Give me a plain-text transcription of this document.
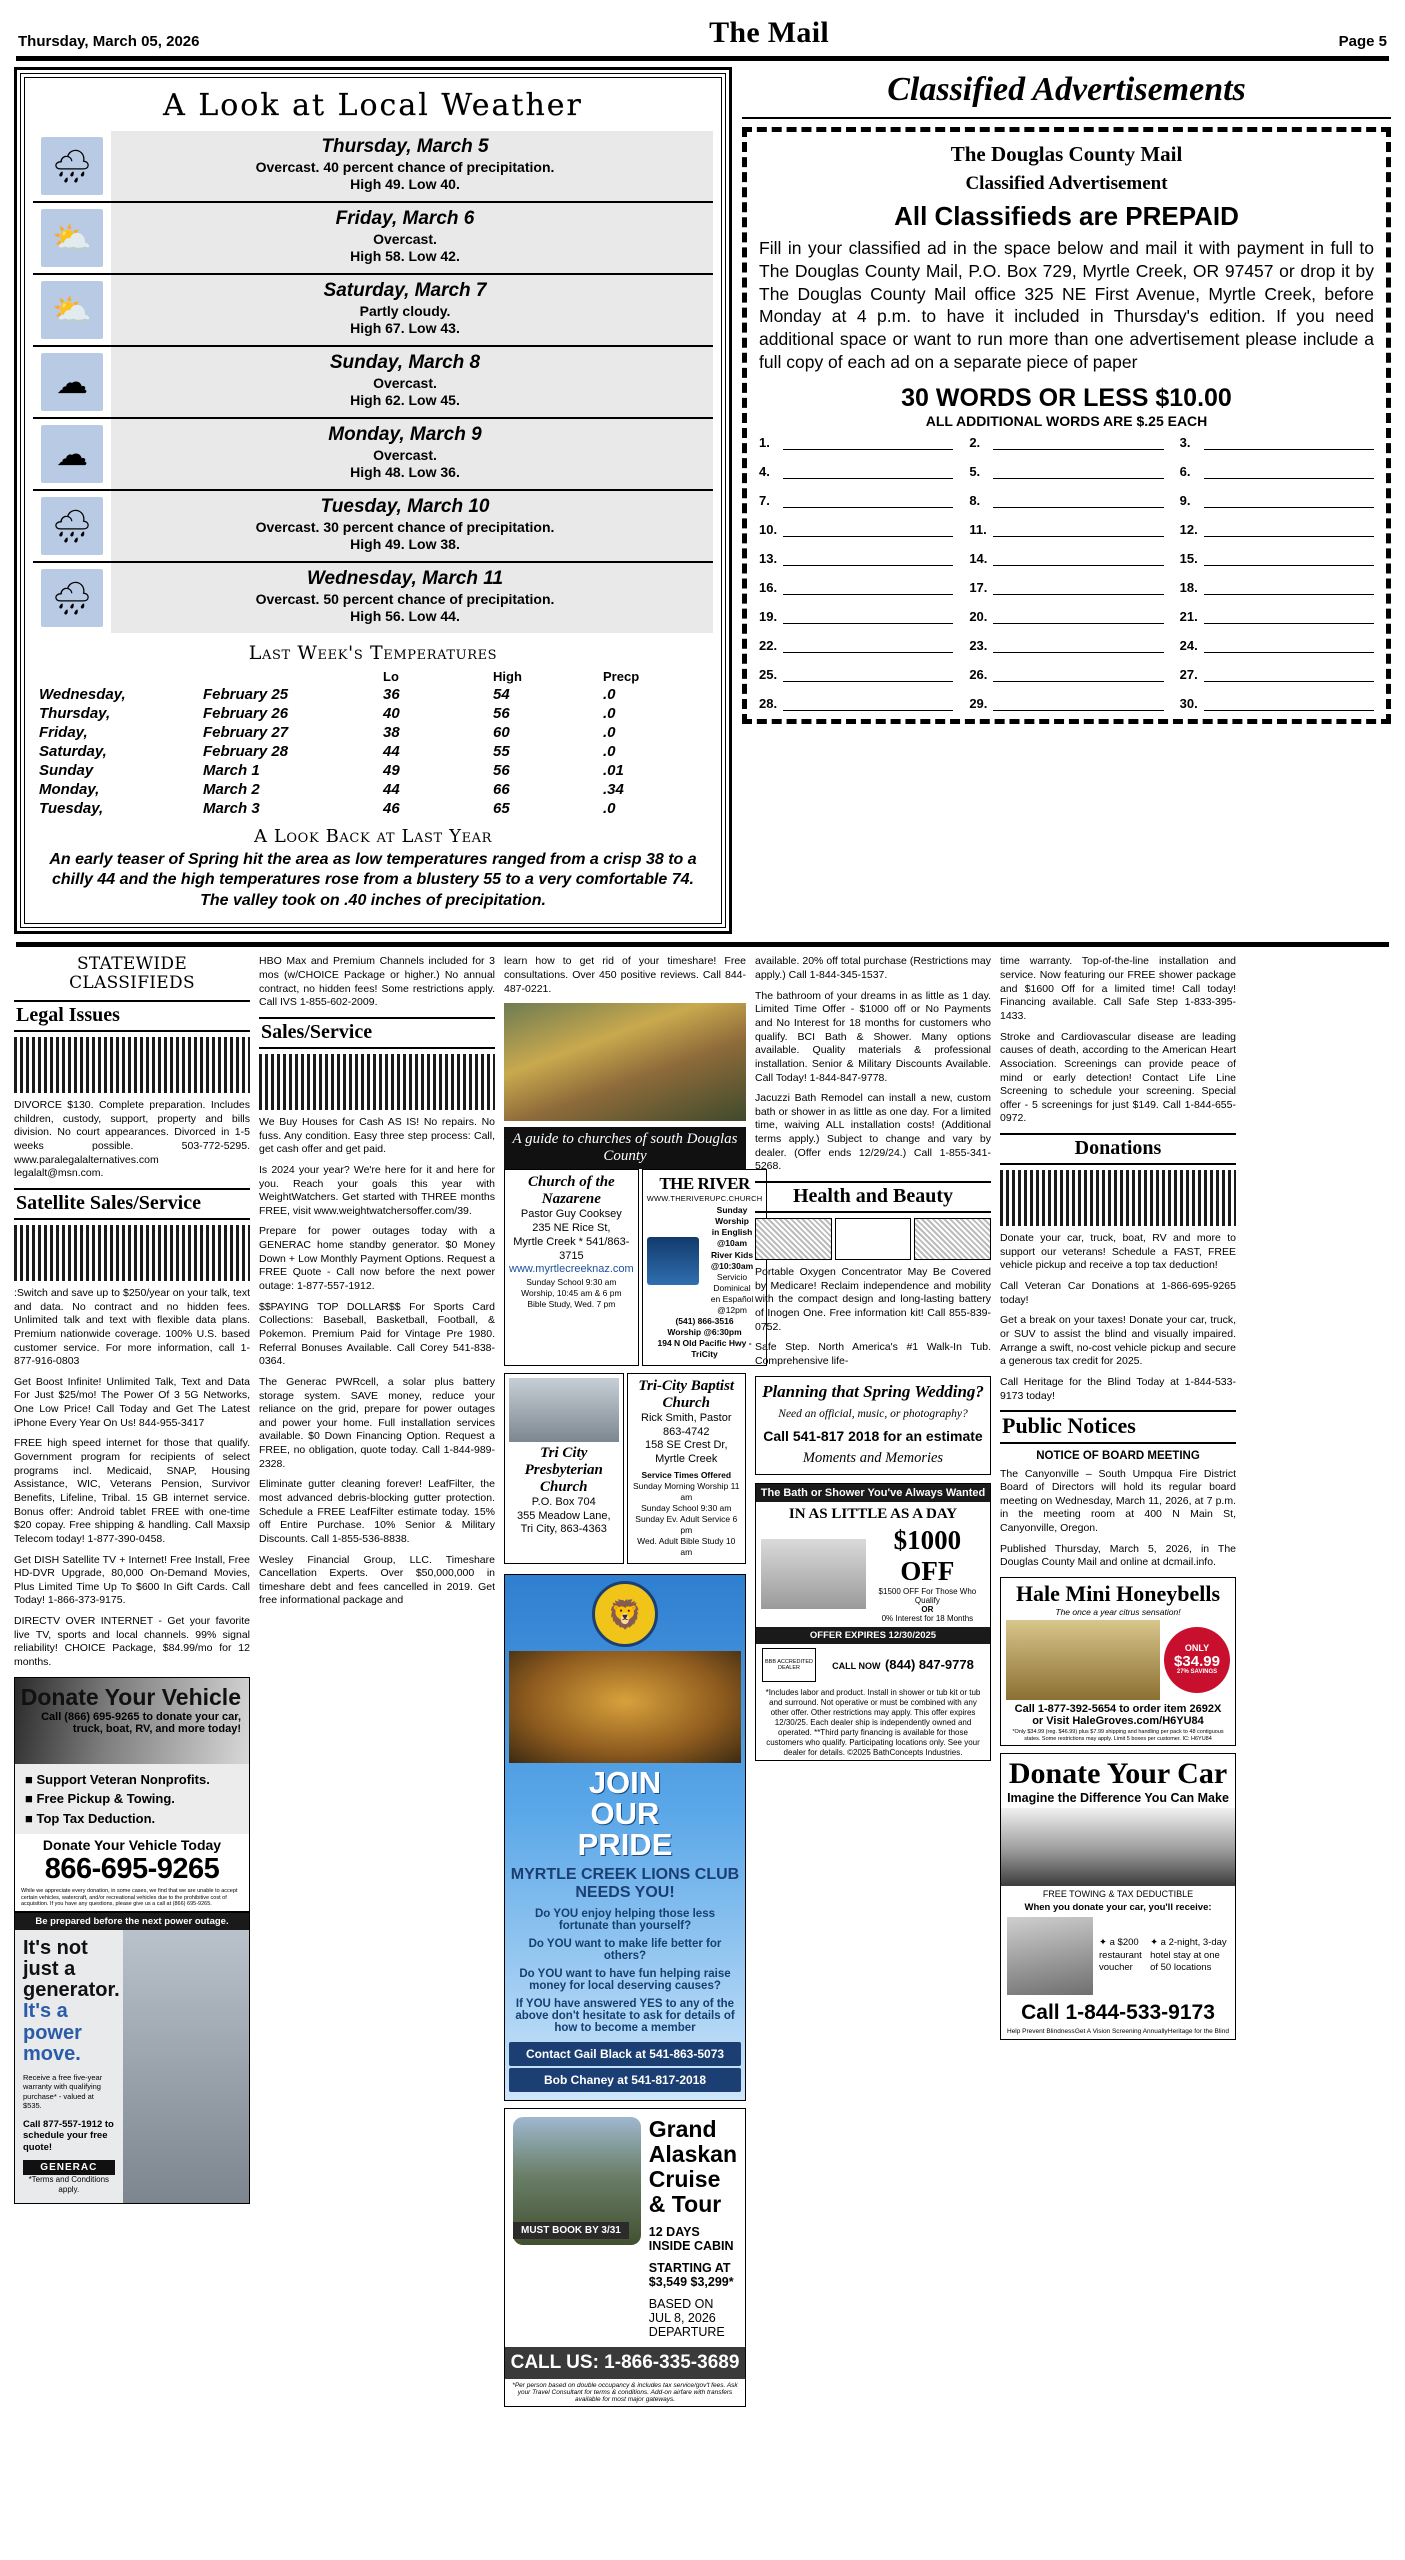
Thursday, March 05, 2026	The Mail	Page 5
A Look at Local Weather
🌧
Thursday, March 5
Overcast. 40 percent chance of precipitation.
High 49. Low 40.
⛅
Friday, March 6
Overcast.
High 58. Low 42.
⛅
Saturday, March 7
Partly cloudy.
High 67. Low 43.
☁
Sunday, March 8
Overcast.
High 62. Low 45.
☁
Monday, March 9
Overcast.
High 48. Low 36.
🌧
Tuesday, March 10
Overcast. 30 percent chance of precipitation.
High 49. Low 38.
🌧
Wednesday, March 11
Overcast. 50 percent chance of precipitation.
High 56. Low 44.
Last Week's Temperatures
		Lo	High	Precp
Wednesday,	February 25	36	54	.0
Thursday,	February 26	40	56	.0
Friday,	February 27	38	60	.0
Saturday,	February 28	44	55	.0
Sunday	March 1	49	56	.01
Monday,	March 2	44	66	.34
Tuesday,	March 3	46	65	.0
A Look Back at Last Year
An early teaser of Spring hit the area as low temperatures ranged from a crisp 38 to a chilly 44 and the high temperatures rose from a blustery 55 to a very comfortable 74. The valley took on .40 inches of precipitation.
Classified Advertisements
The Douglas County Mail
Classified Advertisement
All Classifieds are PREPAID
Fill in your classified ad in the space below and mail it with payment in full to The Douglas County Mail, P.O. Box 729, Myrtle Creek, OR 97457 or drop it by The Douglas County Mail office 325 NE First Avenue, Myrtle Creek, before Monday at 4 p.m. to have it included in Thursday's edition. If you need additional space or want to run more than one advertisement please include a full copy of each ad on a separate piece of paper
30 WORDS OR LESS $10.00
ALL ADDITIONAL WORDS ARE $.25 EACH
1.	2.	3.
4.	5.	6.
7.	8.	9.
10.	11.	12.
13.	14.	15.
16.	17.	18.
19.	20.	21.
22.	23.	24.
25.	26.	27.
28.	29.	30.
STATEWIDE
CLASSIFIEDS
Legal Issues
DIVORCE $130. Complete preparation. Includes children, custody, support, property and bills division. No court appearances. Divorced in 1-5 weeks possible. 503-772-5295. www.paralegalalternatives.com legalalt@msn.com.
Satellite Sales/Service
:Switch and save up to $250/year on your talk, text and data. No contract and no hidden fees. Unlimited talk and text with flexible data plans. Premium nationwide coverage. 100% U.S. based customer service. For more information, call 1-877-916-0803
Get Boost Infinite! Unlimited Talk, Text and Data For Just $25/mo! The Power Of 3 5G Networks, One Low Price! Call Today and Get The Latest iPhone Every Year On Us! 844-955-3417
FREE high speed internet for those that qualify. Government program for recipients of select programs incl. Medicaid, SNAP, Housing Assistance, WIC, Veterans Pension, Survivor Benefits, Lifeline, Tribal. 15 GB internet service. Bonus offer: Android tablet FREE with one-time $20 copay. Free shipping & handling. Call Maxsip Telecom today! 1-877-390-0458.
Get DISH Satellite TV + Internet! Free Install, Free HD-DVR Upgrade, 80,000 On-Demand Movies, Plus Limited Time Up To $600 In Gift Cards. Call Today! 1-866-373-9175.
DIRECTV OVER INTERNET - Get your favorite live TV, sports and local channels. 99% signal reliability! CHOICE Package, $84.99/mo for 12 months.
Donate Your Vehicle
Call (866) 695-9265 to donate your car, truck, boat, RV, and more today!
■ Support Veteran Nonprofits.
■ Free Pickup & Towing.
■ Top Tax Deduction.
Donate Your Vehicle Today
866-695-9265
While we appreciate every donation, in some cases, we find that we are unable to accept certain vehicles, watercraft, and/or recreational vehicles due to the prohibitive cost of acquisition. If you have any questions, please give us a call at (866) 695-9265.
Be prepared before the next power outage.
It's not just a generator.
It's a power move.
Receive a free five-year warranty with qualifying purchase* - valued at $535.
Call 877-557-1912 to schedule your free quote!
GENERAC
*Terms and Conditions apply.
HBO Max and Premium Channels included for 3 mos (w/CHOICE Package or higher.) No annual contract, no hidden fees! Some restrictions apply. Call IVS 1-855-602-2009.
Sales/Service
We Buy Houses for Cash AS IS! No repairs. No fuss. Any condition. Easy three step process: Call, get cash offer and get paid.
Is 2024 your year? We're here for it and here for you. Reach your goals this year with WeightWatchers. Get started with THREE months FREE, visit www.weightwatchersoffer.com/39.
Prepare for power outages today with a GENERAC home standby generator. $0 Money Down + Low Monthly Payment Options. Request a FREE Quote - Call now before the next power outage: 1-877-557-1912.
$$PAYING TOP DOLLAR$$ For Sports Card Collections: Baseball, Basketball, Football, & Pokemon. Premium Paid for Vintage Pre 1980. Referral Bonuses Available. Call Corey 541-838-0364.
The Generac PWRcell, a solar plus battery storage system. SAVE money, reduce your reliance on the grid, prepare for power outages and power your home. Full installation services available. $0 Down Financing Option. Request a FREE, no obligation, quote today. Call 1-844-989-2328.
Eliminate gutter cleaning forever! LeafFilter, the most advanced debris-blocking gutter protection. Schedule a FREE LeafFilter estimate today. 15% off Entire Purchase. 10% Senior & Military Discounts. Call 1-855-536-8838.
Wesley Financial Group, LLC. Timeshare Cancellation Experts. Over $50,000,000 in timeshare debt and fees cancelled in 2019. Get free informational package and
learn how to get rid of your timeshare! Free consultations. Over 450 positive reviews. Call 844-487-0221.
A guide to churches of south Douglas County
Church of the Nazarene
Pastor Guy Cooksey
235 NE Rice St,
Myrtle Creek * 541/863-3715
www.myrtlecreeknaz.com
Sunday School 9:30 am
Worship, 10:45 am & 6 pm
Bible Study, Wed. 7 pm
THE RIVER
WWW.THERIVERUPC.CHURCH
Sunday Worship
in English @10am
River Kids
@10:30am
Servicio
Dominical
en Español @12pm
(541) 866-3516
Worship @6:30pm
194 N Old Pacific Hwy - TriCity
Tri City Presbyterian Church
P.O. Box 704
355 Meadow Lane,
Tri City, 863-4363
Tri-City Baptist Church
Rick Smith, Pastor 863-4742
158 SE Crest Dr, Myrtle Creek
Service Times Offered
Sunday Morning Worship 11 am
Sunday School 9:30 am
Sunday Ev. Adult Service 6 pm
Wed. Adult Bible Study 10 am
🦁
JOIN
OUR
PRIDE
MYRTLE CREEK LIONS CLUB NEEDS YOU!
Do YOU enjoy helping those less fortunate than yourself?
Do YOU want to make life better for others?
Do YOU want to have fun helping raise money for local deserving causes?
If YOU have answered YES to any of the above don't hesitate to ask for details of how to become a member
Contact Gail Black at 541-863-5073
Bob Chaney at 541-817-2018
MUST BOOK BY 3/31
Grand Alaskan Cruise & Tour
12 DAYS INSIDE CABIN
STARTING AT $3,549 $3,299*
BASED ON JUL 8, 2026 DEPARTURE
CALL US: 1-866-335-3689
*Per person based on double occupancy & includes tax service/gov't fees. Ask your Travel Consultant for terms & conditions. Add-on airfare with transfers available for most major gateways.
available. 20% off total purchase (Restrictions may apply.) Call 1-844-345-1537.
The bathroom of your dreams in as little as 1 day. Limited Time Offer - $1000 off or No Payments and No Interest for 18 months for customers who qualify. BCI Bath & Shower. Many options available. Quality materials & professional installation. Senior & Military Discounts Available. Call Today! 1-844-847-9778.
Jacuzzi Bath Remodel can install a new, custom bath or shower in as little as one day. For a limited time, waiving ALL installation costs! (Additional terms apply.) Subject to change and vary by dealer. (Offer ends 12/29/24.) Call 1-855-341-5268.
Health and Beauty
Portable Oxygen Concentrator May Be Covered by Medicare! Reclaim independence and mobility with the compact design and long-lasting battery of Inogen One. Free information kit! Call 855-839-0752.
Safe Step. North America's #1 Walk-In Tub. Comprehensive life-
Planning that Spring Wedding?
Need an official, music, or photography?
Call 541-817 2018 for an estimate
Moments and Memories
The Bath or Shower You've Always Wanted
IN AS LITTLE AS A DAY
$1000 OFF
$1500 OFF For Those Who Qualify
OR
0% Interest for 18 Months
OFFER EXPIRES 12/30/2025
BBB ACCREDITED DEALER	CALL NOW (844) 847-9778
*Includes labor and product. Install in shower or tub kit or tub and surround. Not operative or must be combined with any other offer. Other restrictions may apply. This offer expires 12/30/25. Each dealer ship is independently owned and operated. **Third party financing is available for those customers who qualify. Participating locations only. See your dealer for details. ©2025 BathConcepts Industries.
time warranty. Top-of-the-line installation and service. Now featuring our FREE shower package and $1600 Off for a limited time! Call today! Financing available. Call Safe Step 1-833-395-1433.
Stroke and Cardiovascular disease are leading causes of death, according to the American Heart Association. Screenings can provide peace of mind or early detection! Contact Life Line Screening to schedule your screening. Special offer - 5 screenings for just $149. Call 1-844-655-0972.
Donations
Donate your car, truck, boat, RV and more to support our veterans! Schedule a FAST, FREE vehicle pickup and receive a top tax deduction!
Call Veteran Car Donations at 1-866-695-9265 today!
Get a break on your taxes! Donate your car, truck, or SUV to assist the blind and visually impaired. Arrange a swift, no-cost vehicle pickup and secure a generous tax credit for 2025.
Call Heritage for the Blind Today at 1-844-533-9173 today!
Public Notices
NOTICE OF BOARD MEETING
The Canyonville – South Umpqua Fire District Board of Directors will hold its regular board meeting on Wednesday, March 11, 2026, at 7 p.m. in the meeting room at 400 N Main St, Canyonville, Oregon.
Published Thursday, March 5, 2026, in The Douglas County Mail and online at dcmail.info.
Hale Mini Honeybells
The once a year citrus sensation!
ONLY
$34.99
27% SAVINGS
Call 1-877-392-5654 to order item 2692X
or Visit HaleGroves.com/H6YU84
*Only $34.99 (reg. $46.99) plus $7.99 shipping and handling per pack to 48 contiguous states. Some restrictions may apply. Limit 5 boxes per customer. IC: H6YU84
Donate Your Car
Imagine the Difference You Can Make
FREE TOWING & TAX DEDUCTIBLE
When you donate your car, you'll receive:
✦ a $200 restaurant voucher
✦ a 2-night, 3-day hotel stay at one of 50 locations
Call 1-844-533-9173
Help Prevent Blindness Get A Vision Screening Annually Heritage for the Blind
